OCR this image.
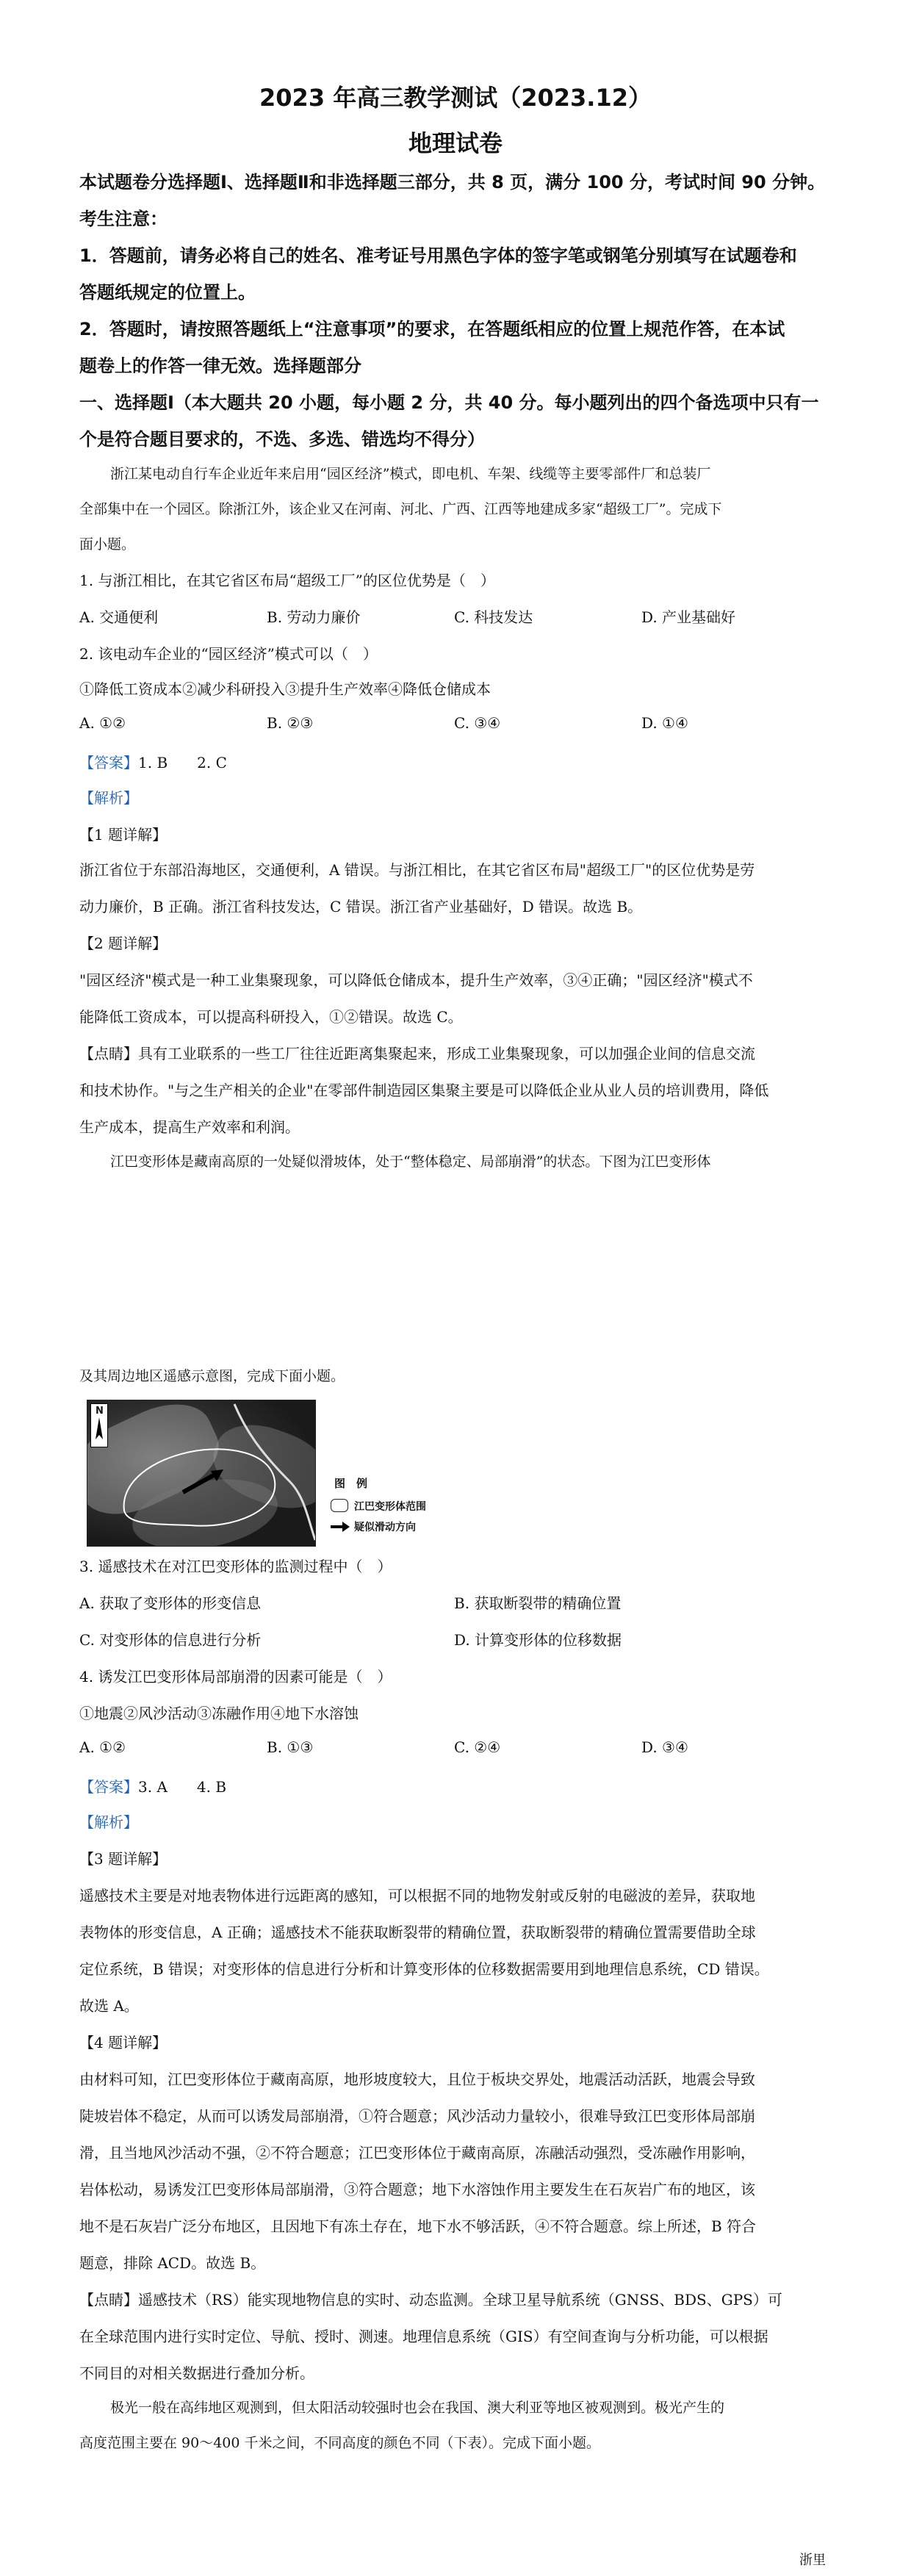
2023 年高三教学测试（2023.12）
地理试卷
本试题卷分选择题Ⅰ、选择题Ⅱ和非选择题三部分，共 8 页，满分 100 分，考试时间 90 分钟。
考生注意：
1．答题前，请务必将自己的姓名、准考证号用黑色字体的签字笔或钢笔分别填写在试题卷和
答题纸规定的位置上。
2．答题时，请按照答题纸上“注意事项”的要求，在答题纸相应的位置上规范作答，在本试
题卷上的作答一律无效。选择题部分
一、选择题Ⅰ（本大题共 20 小题，每小题 2 分，共 40 分。每小题列出的四个备选项中只有一
个是符合题目要求的，不选、多选、错选均不得分）
浙江某电动自行车企业近年来启用“园区经济”模式，即电机、车架、线缆等主要零部件厂和总装厂
全部集中在一个园区。除浙江外，该企业又在河南、河北、广西、江西等地建成多家“超级工厂”。完成下
面小题。
1. 与浙江相比，在其它省区布局“超级工厂”的区位优势是（　）
A. 交通便利	B. 劳动力廉价	C. 科技发达	D. 产业基础好
2. 该电动车企业的“园区经济”模式可以（　）
①降低工资成本②减少科研投入③提升生产效率④降低仓储成本
A. ①②	B. ②③	C. ③④	D. ①④
【答案】1. B　　2. C
【解析】
【1 题详解】
浙江省位于东部沿海地区，交通便利，A 错误。与浙江相比，在其它省区布局"超级工厂"的区位优势是劳
动力廉价，B 正确。浙江省科技发达，C 错误。浙江省产业基础好，D 错误。故选 B。
【2 题详解】
"园区经济"模式是一种工业集聚现象，可以降低仓储成本，提升生产效率，③④正确；"园区经济"模式不
能降低工资成本，可以提高科研投入，①②错误。故选 C。
【点睛】具有工业联系的一些工厂往往近距离集聚起来，形成工业集聚现象，可以加强企业间的信息交流
和技术协作。"与之生产相关的企业"在零部件制造园区集聚主要是可以降低企业从业人员的培训费用，降低
生产成本，提高生产效率和利润。
江巴变形体是藏南高原的一处疑似滑坡体，处于“整体稳定、局部崩滑”的状态。下图为江巴变形体
及其周边地区遥感示意图，完成下面小题。
N
图　例
江巴变形体范围
疑似滑动方向
3. 遥感技术在对江巴变形体的监测过程中（　）
A. 获取了变形体的形变信息	B. 获取断裂带的精确位置
C. 对变形体的信息进行分析	D. 计算变形体的位移数据
4. 诱发江巴变形体局部崩滑的因素可能是（　）
①地震②风沙活动③冻融作用④地下水溶蚀
A. ①②	B. ①③	C. ②④	D. ③④
【答案】3. A　　4. B
【解析】
【3 题详解】
遥感技术主要是对地表物体进行远距离的感知，可以根据不同的地物发射或反射的电磁波的差异，获取地
表物体的形变信息，A 正确；遥感技术不能获取断裂带的精确位置，获取断裂带的精确位置需要借助全球
定位系统，B 错误；对变形体的信息进行分析和计算变形体的位移数据需要用到地理信息系统，CD 错误。
故选 A。
【4 题详解】
由材料可知，江巴变形体位于藏南高原，地形坡度较大，且位于板块交界处，地震活动活跃，地震会导致
陡坡岩体不稳定，从而可以诱发局部崩滑，①符合题意；风沙活动力量较小，很难导致江巴变形体局部崩
滑，且当地风沙活动不强，②不符合题意；江巴变形体位于藏南高原，冻融活动强烈，受冻融作用影响，
岩体松动，易诱发江巴变形体局部崩滑，③符合题意；地下水溶蚀作用主要发生在石灰岩广布的地区，该
地不是石灰岩广泛分布地区，且因地下有冻土存在，地下水不够活跃，④不符合题意。综上所述，B 符合
题意，排除 ACD。故选 B。
【点睛】遥感技术（RS）能实现地物信息的实时、动态监测。全球卫星导航系统（GNSS、BDS、GPS）可
在全球范围内进行实时定位、导航、授时、测速。地理信息系统（GIS）有空间查询与分析功能，可以根据
不同目的对相关数据进行叠加分析。
极光一般在高纬地区观测到，但太阳活动较强时也会在我国、澳大利亚等地区被观测到。极光产生的
高度范围主要在 90～400 千米之间，不同高度的颜色不同（下表）。完成下面小题。
浙里
